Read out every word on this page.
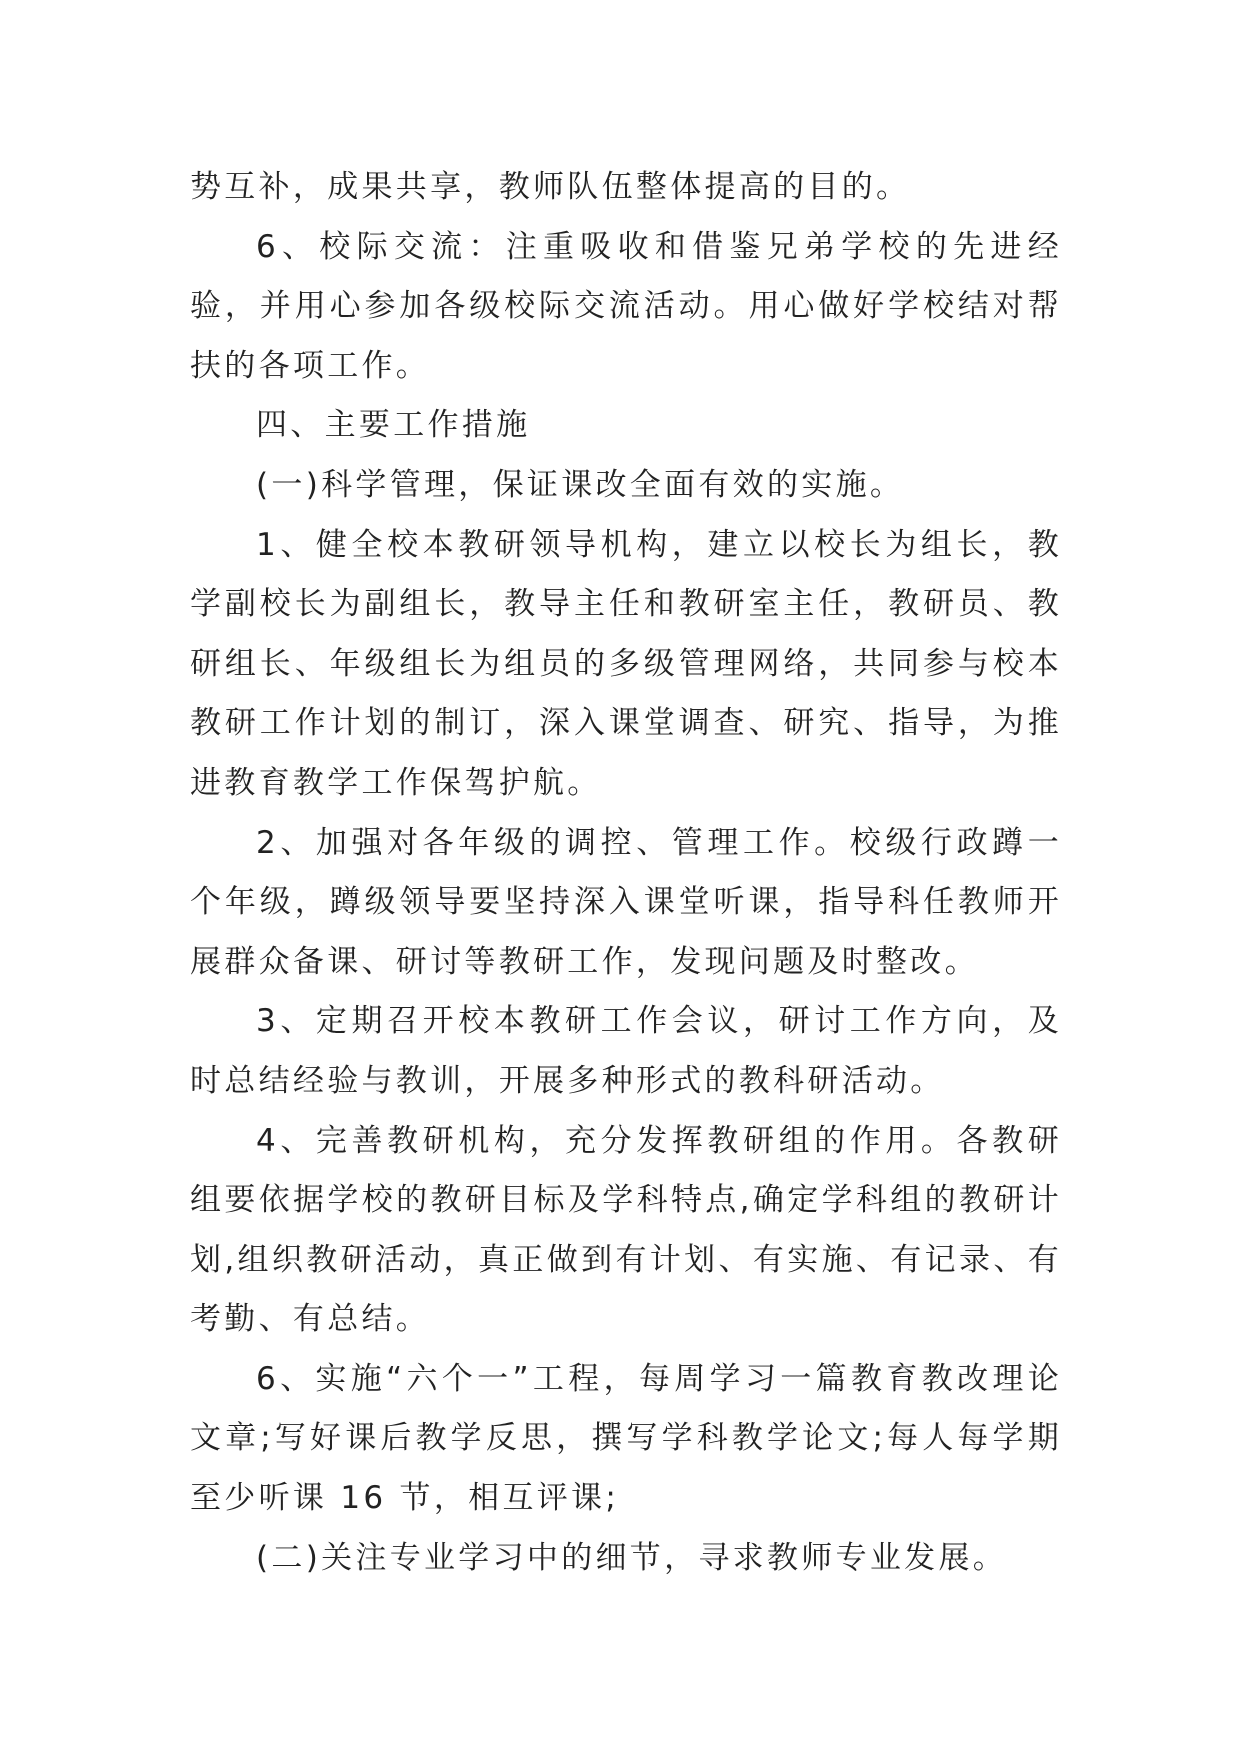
势互补，成果共享，教师队伍整体提高的目的。

6、校际交流：注重吸收和借鉴兄弟学校的先进经验，并用心参加各级校际交流活动。用心做好学校结对帮扶的各项工作。

四、主要工作措施

(一)科学管理，保证课改全面有效的实施。

1、健全校本教研领导机构，建立以校长为组长，教学副校长为副组长，教导主任和教研室主任，教研员、教研组长、年级组长为组员的多级管理网络，共同参与校本教研工作计划的制订，深入课堂调查、研究、指导，为推进教育教学工作保驾护航。

2、加强对各年级的调控、管理工作。校级行政蹲一个年级，蹲级领导要坚持深入课堂听课，指导科任教师开展群众备课、研讨等教研工作，发现问题及时整改。

3、定期召开校本教研工作会议，研讨工作方向，及时总结经验与教训，开展多种形式的教科研活动。

4、完善教研机构，充分发挥教研组的作用。各教研组要依据学校的教研目标及学科特点,确定学科组的教研计划,组织教研活动，真正做到有计划、有实施、有记录、有考勤、有总结。

6、实施“六个一”工程，每周学习一篇教育教改理论文章;写好课后教学反思，撰写学科教学论文;每人每学期至少听课 16 节，相互评课;

(二)关注专业学习中的细节，寻求教师专业发展。
